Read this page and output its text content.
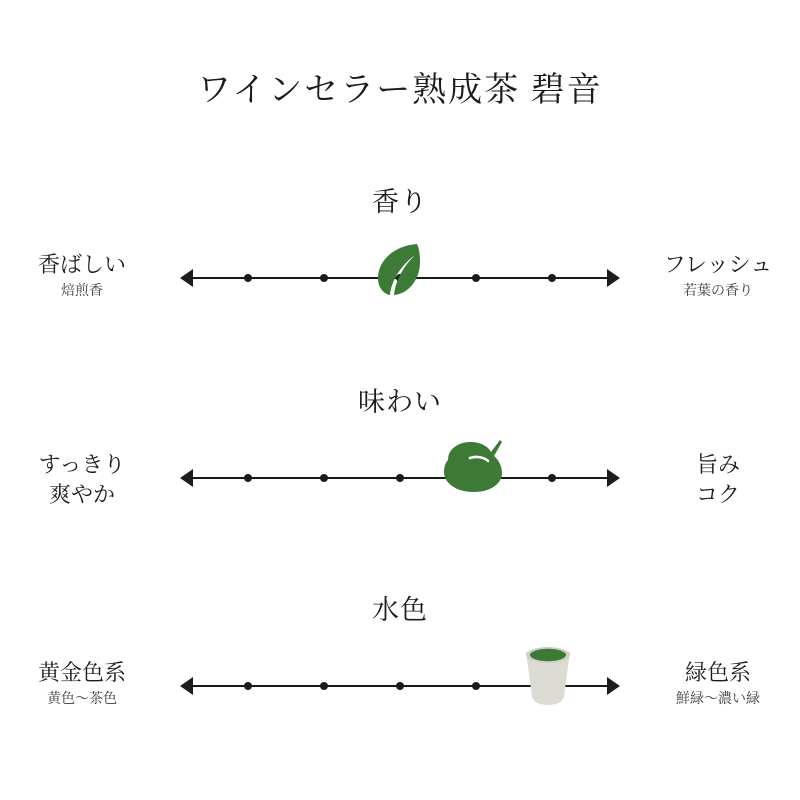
ワインセラー熟成茶 碧音
香り
香ばしい
焙煎香
フレッシュ
若葉の香り
味わい
すっきり
爽やか
旨み
コク
水色
黄金色系
黄色〜茶色
緑色系
鮮緑〜濃い緑
